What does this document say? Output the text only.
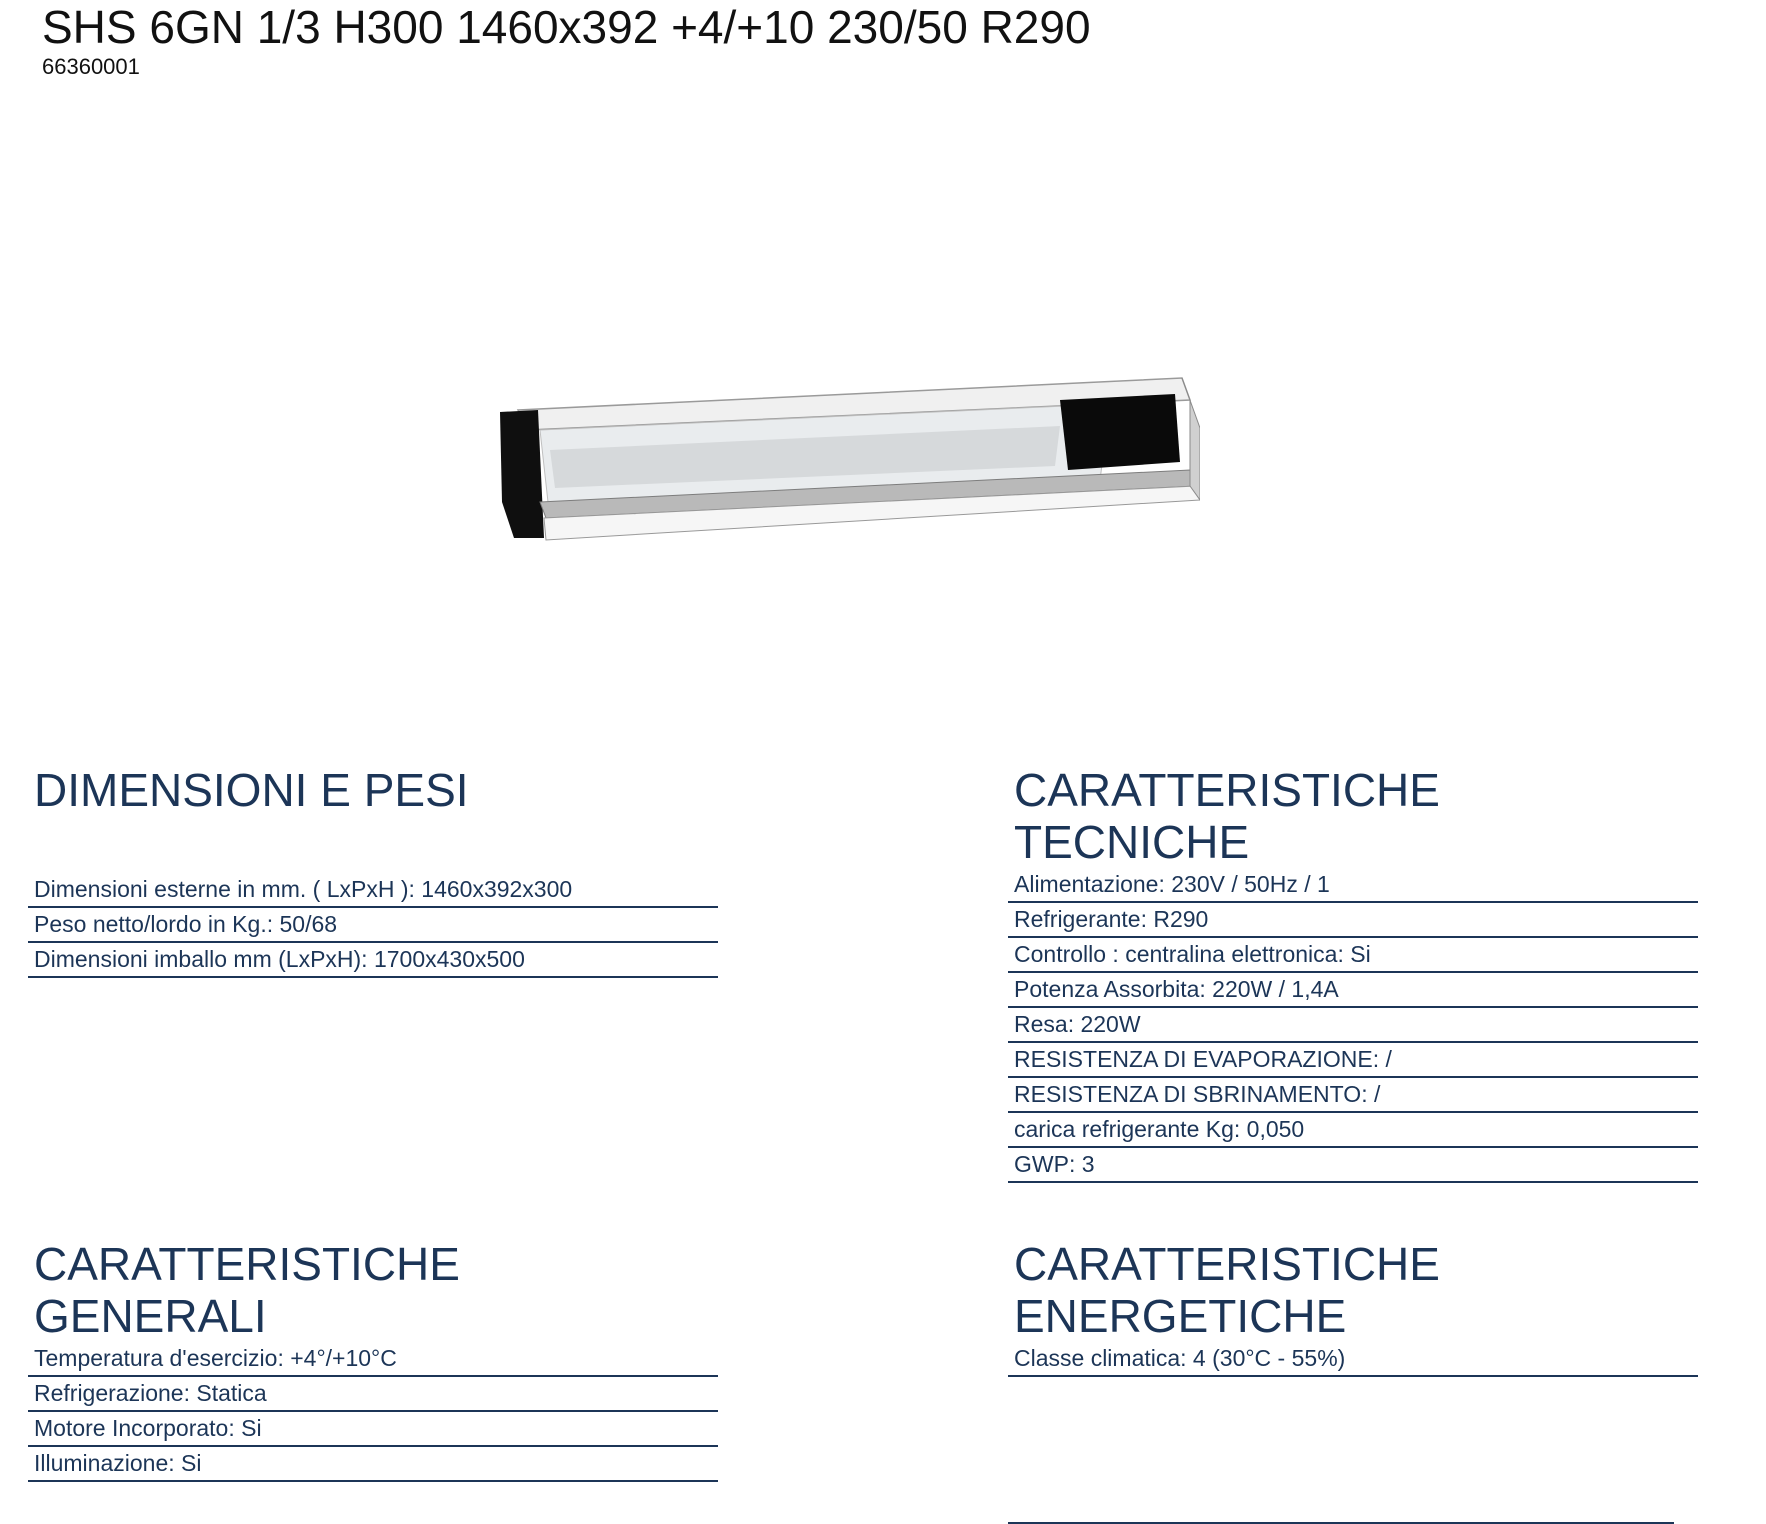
SHS 6GN 1/3 H300 1460x392 +4/+10 230/50 R290
66360001
DIMENSIONI E PESI
Dimensioni esterne in mm. ( LxPxH ): 1460x392x300
Peso netto/lordo in Kg.: 50/68
Dimensioni imballo mm (LxPxH): 1700x430x500
CARATTERISTICHE
TECNICHE
Alimentazione: 230V / 50Hz / 1
Refrigerante: R290
Controllo : centralina elettronica: Si
Potenza Assorbita: 220W / 1,4A
Resa: 220W
RESISTENZA DI EVAPORAZIONE: /
RESISTENZA DI SBRINAMENTO: /
carica refrigerante Kg: 0,050
GWP: 3
CARATTERISTICHE
GENERALI
Temperatura d'esercizio: +4°/+10°C
Refrigerazione: Statica
Motore Incorporato: Si
Illuminazione: Si
CARATTERISTICHE
ENERGETICHE
Classe climatica: 4 (30°C - 55%)
